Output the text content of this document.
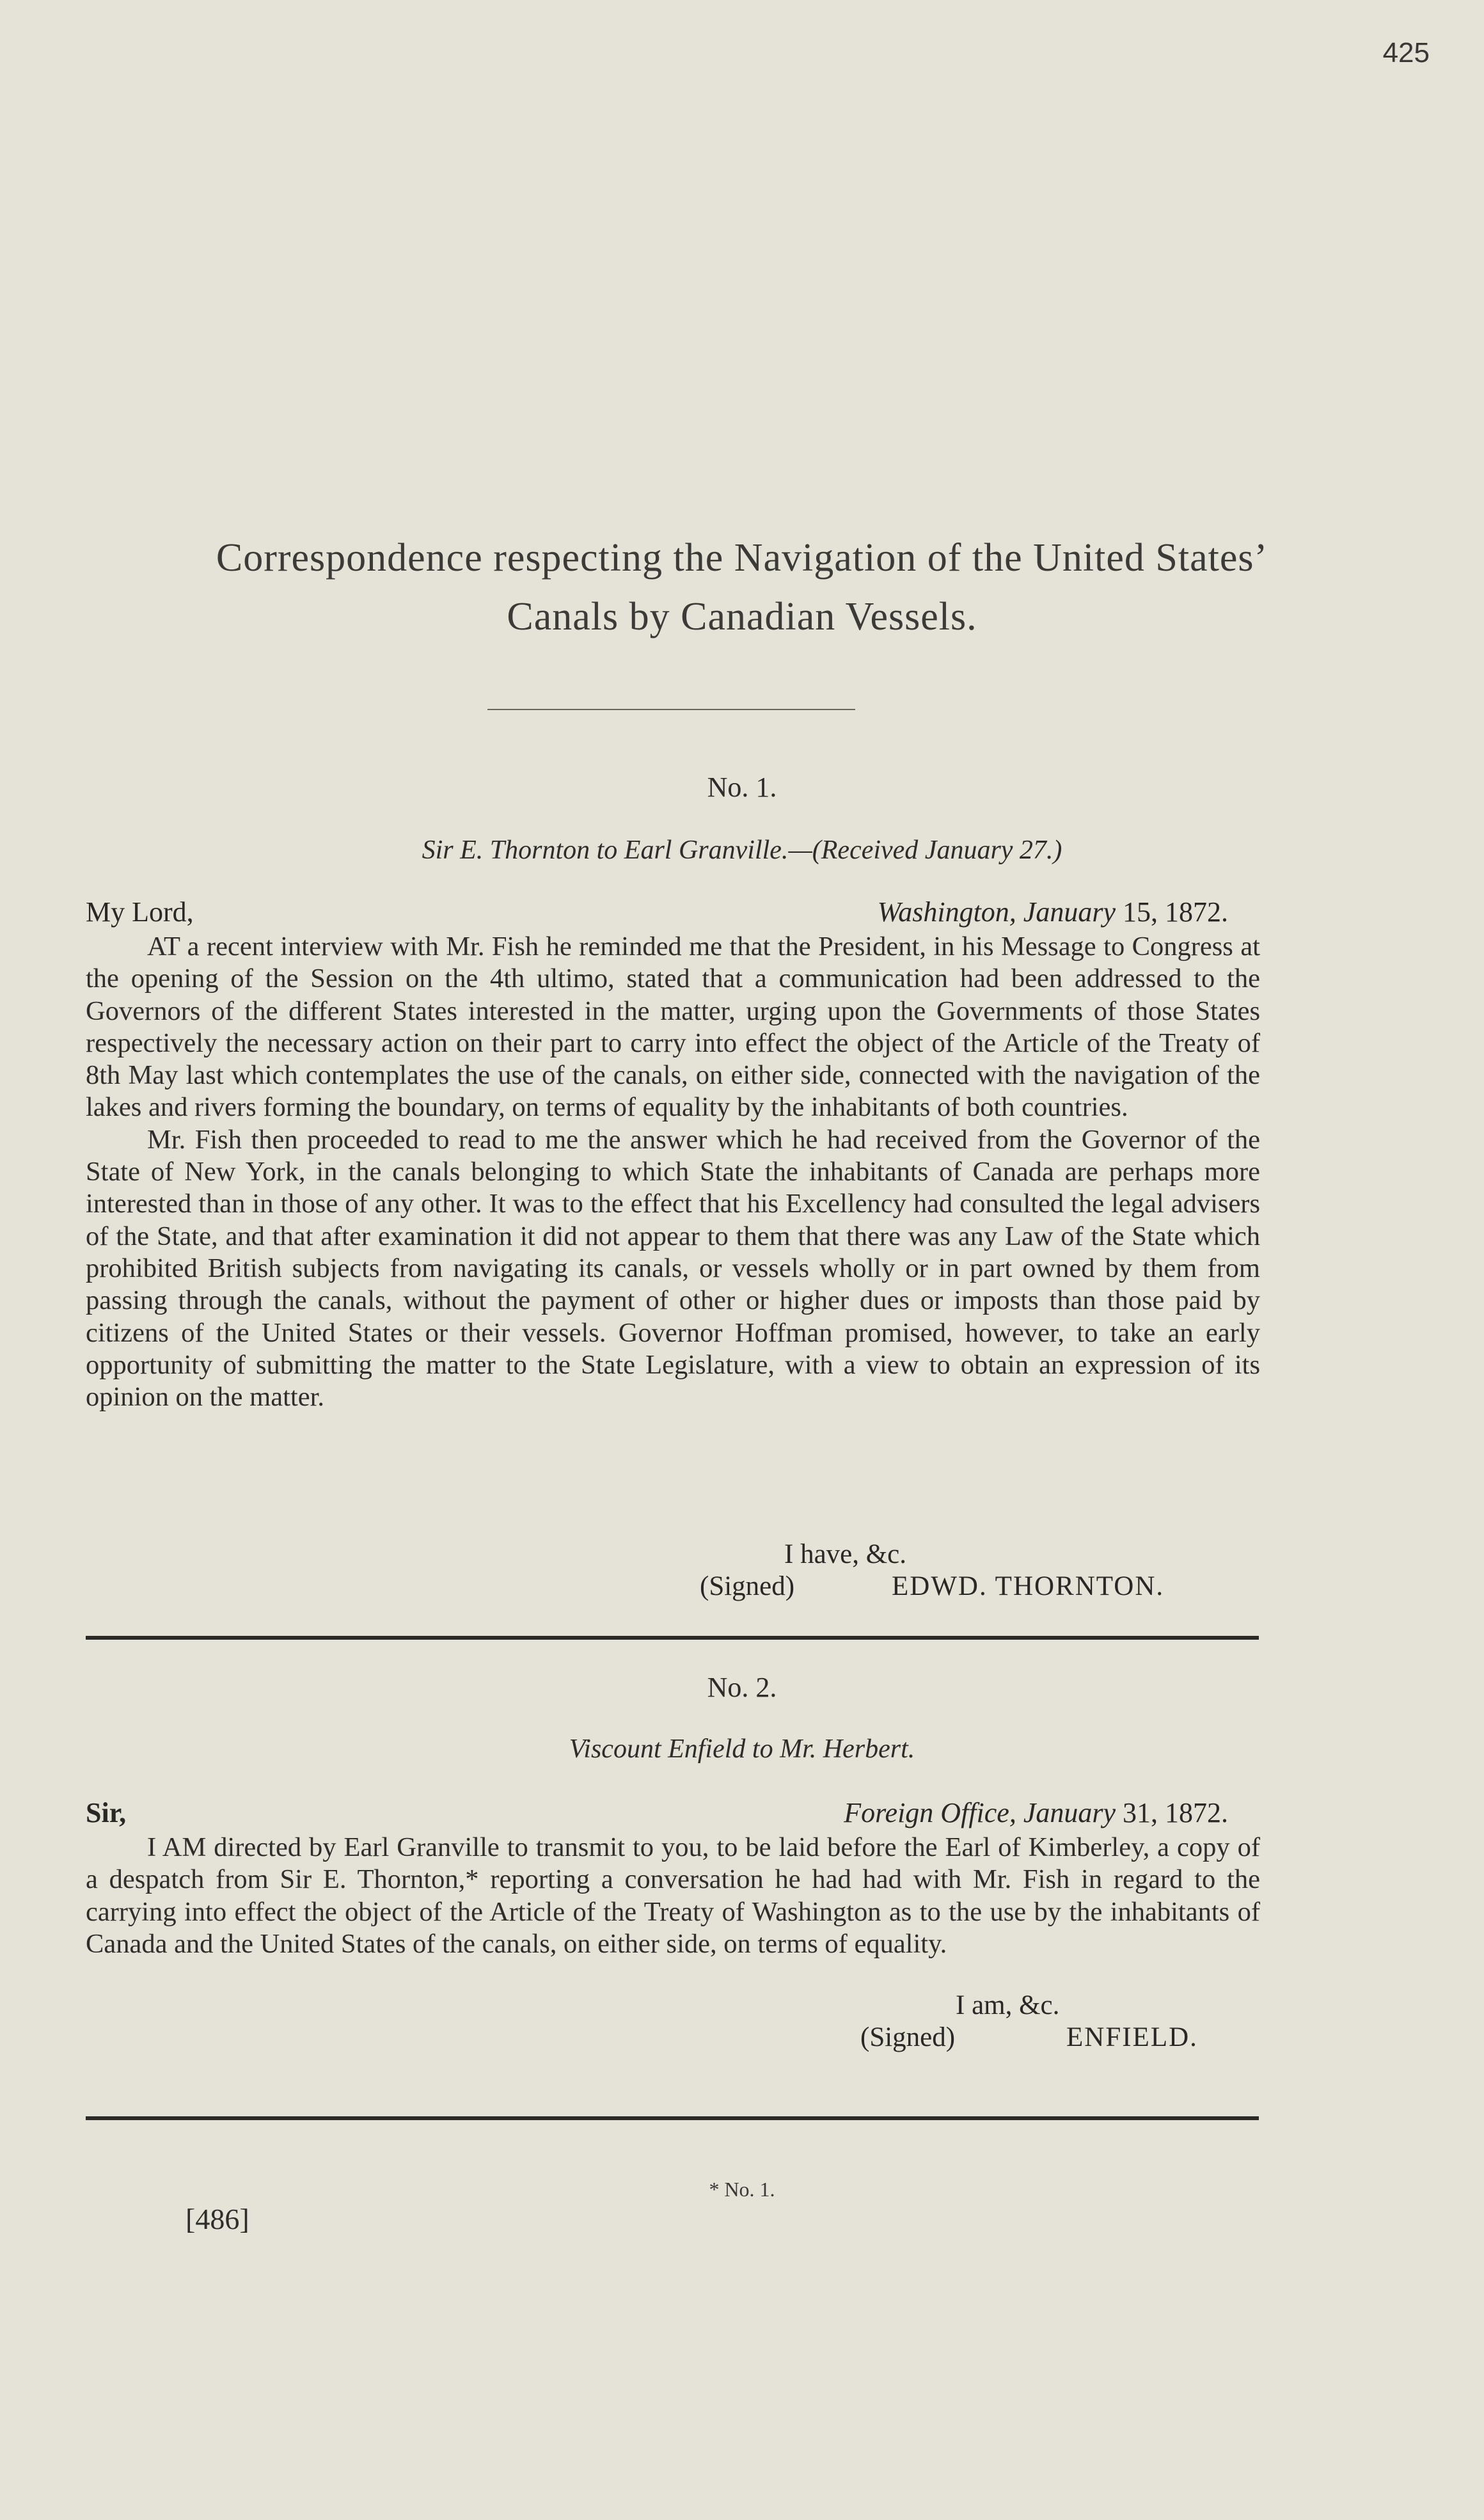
425
Correspondence respecting the Navigation of the United States’
Canals by Canadian Vessels.
No. 1.
Sir E. Thornton to Earl Granville.—(Received January 27.)
My Lord,	Washington, January 15, 1872.

AT a recent interview with Mr. Fish he reminded me that the President, in his Message to Congress at the opening of the Session on the 4th ultimo, stated that a communication had been addressed to the Governors of the different States interested in the matter, urging upon the Governments of those States respectively the necessary action on their part to carry into effect the object of the Article of the Treaty of 8th May last which contemplates the use of the canals, on either side, connected with the navigation of the lakes and rivers forming the boundary, on terms of equality by the inhabitants of both countries.

Mr. Fish then proceeded to read to me the answer which he had received from the Governor of the State of New York, in the canals belonging to which State the inhabitants of Canada are perhaps more interested than in those of any other. It was to the effect that his Excellency had consulted the legal advisers of the State, and that after examination it did not appear to them that there was any Law of the State which prohibited British subjects from navigating its canals, or vessels wholly or in part owned by them from passing through the canals, without the payment of other or higher dues or imposts than those paid by citizens of the United States or their vessels. Governor Hoffman promised, however, to take an early opportunity of submitting the matter to the State Legislature, with a view to obtain an expression of its opinion on the matter.

I have, &c.
(Signed)	EDWD. THORNTON.
No. 2.
Viscount Enfield to Mr. Herbert.
Sir,	Foreign Office, January 31, 1872.

I AM directed by Earl Granville to transmit to you, to be laid before the Earl of Kimberley, a copy of a despatch from Sir E. Thornton,* reporting a conversation he had had with Mr. Fish in regard to the carrying into effect the object of the Article of the Treaty of Washington as to the use by the inhabitants of Canada and the United States of the canals, on either side, on terms of equality.

I am, &c.
(Signed)	ENFIELD.
* No. 1.
[486]
